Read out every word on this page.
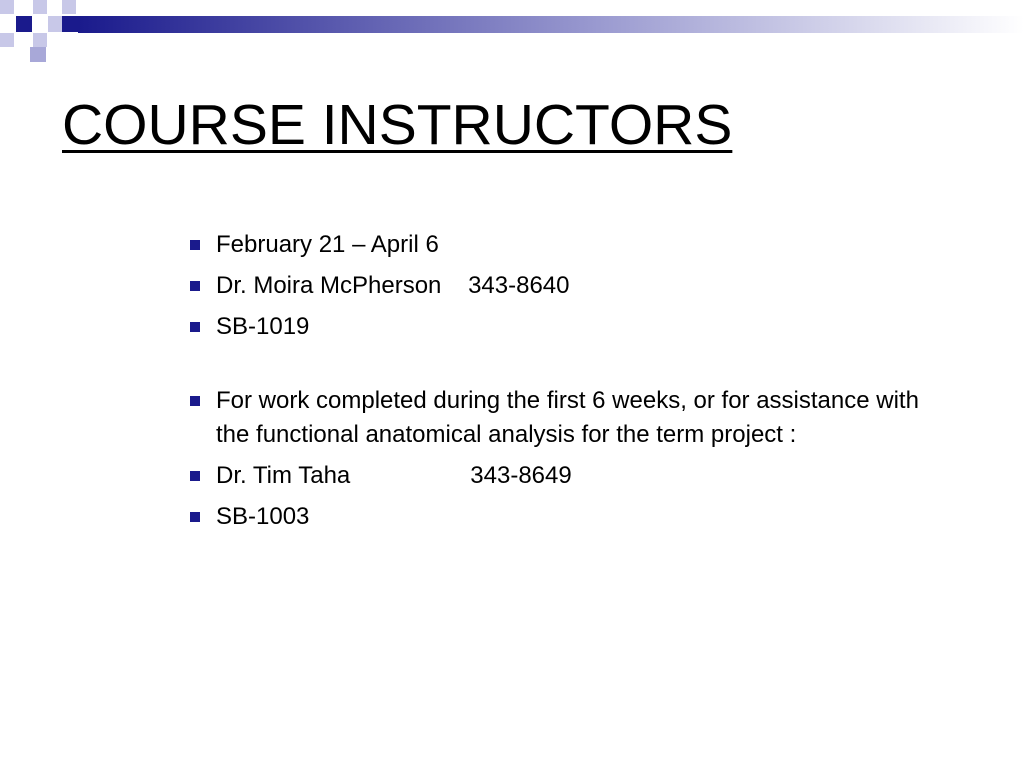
COURSE INSTRUCTORS
February 21 – April 6
Dr. Moira McPherson    343-8640
SB-1019
For work completed during the first 6 weeks, or for assistance with the functional anatomical analysis for the term project :
Dr. Tim Taha                  343-8649
SB-1003
